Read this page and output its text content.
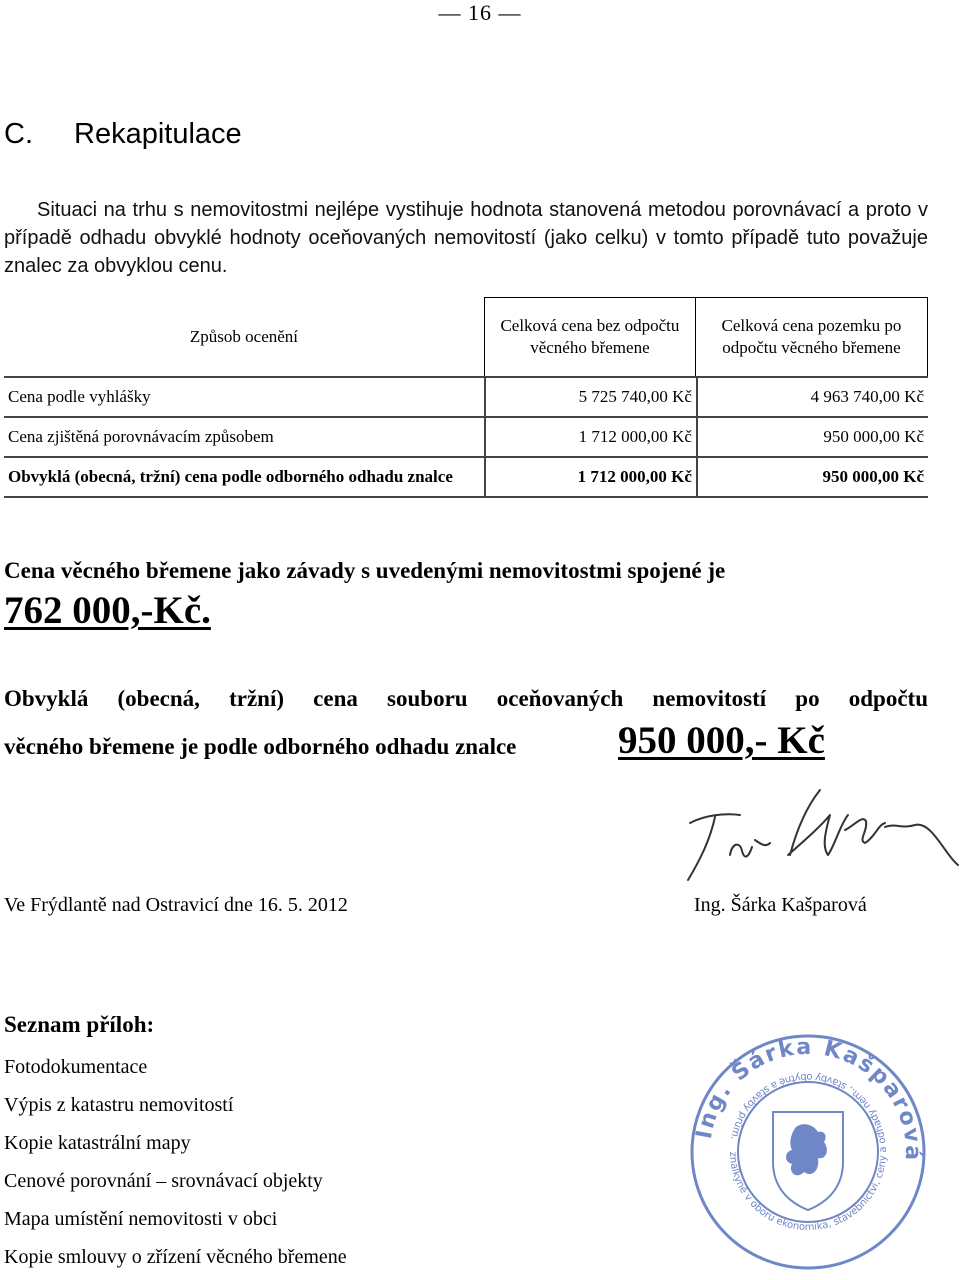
— 16 —
C. Rekapitulace
Situaci na trhu s nemovitostmi nejlépe vystihuje hodnota stanovená metodou porovnávací a proto v případě odhadu obvyklé hodnoty oceňovaných nemovitostí (jako celku) v tomto případě tuto považuje znalec za obvyklou cenu.
Způsob ocenění	Celková cena bez odpočtu věcného břemene	Celková cena pozemku po odpočtu věcného břemene
Cena podle vyhlášky	5 725 740,00 Kč	4 963 740,00 Kč
Cena zjištěná porovnávacím způsobem	1 712 000,00 Kč	950 000,00 Kč
Obvyklá (obecná, tržní) cena podle odborného odhadu znalce	1 712 000,00 Kč	950 000,00 Kč
Cena věcného břemene jako závady s uvedenými nemovitostmi spojené je
762 000,-Kč.
Obvyklá (obecná, tržní) cena souboru oceňovaných nemovitostí po odpočtu
věcného břemene je podle odborného odhadu znalce	950 000,- Kč
Ve Frýdlantě nad Ostravicí dne 16. 5. 2012	Ing. Šárka Kašparová
Seznam příloh:
Fotodokumentace
Výpis z katastru nemovitostí
Kopie katastrální mapy
Cenové porovnání – srovnávací objekty
Mapa umístění nemovitosti v obci
Kopie smlouvy o zřízení věcného břemene
Ing. Šárka Kašparová
znalkyně v oboru ekonomika, stavebnictví, ceny a odhady nem., stavby obytné a stavby prům.
